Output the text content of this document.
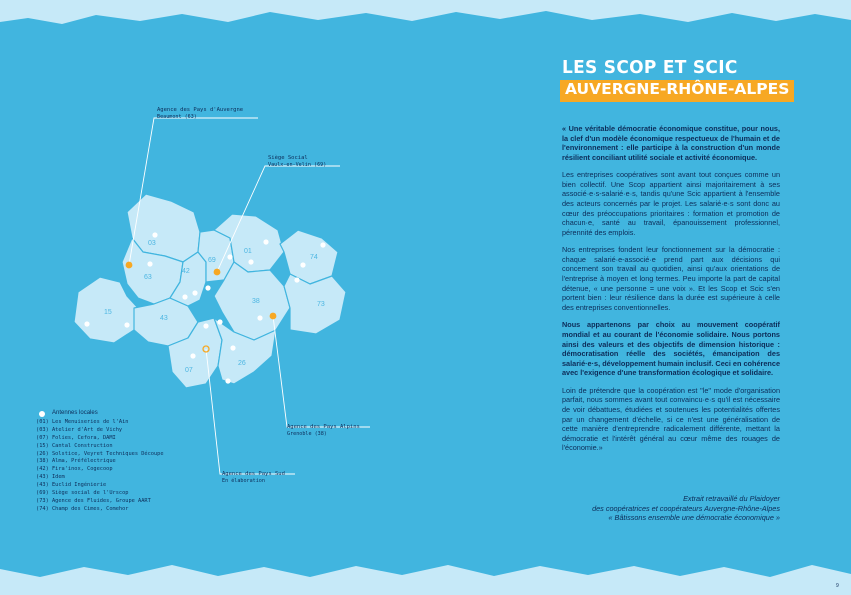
03
63
42
69
01
74
15
43
38	73
07
26
Agence des Pays d'Auvergne
Beaumont (63)
Siège Social
Vaulx-en-Velin (69)
Agence des Pays Alpins
Grenoble (38)
Agence des Pays Sud
En élaboration
Antennes locales
(01) Les Menuiseries de l'Ain
(03) Atelier d'Art de Vichy
(07) Folies, Cefora, DAMI
(15) Cantal Construction
(26) Solstice, Veyret Techniques Découpe
(38) Alma, Préfélectrique
(42) Fira'inox, Cogecoop
(43) Idem
(43) Euclid Ingénierie
(69) Siège social de l'Urscop
(73) Agence des Fluides, Groupe AART
(74) Champ des Cimes, Comehor
LES SCOP ET SCIC
AUVERGNE-RHÔNE-ALPES

« Une véritable démocratie économique constitue, pour nous, la clef d'un modèle économique respectueux de l'humain et de l'environnement : elle participe à la construction d'un monde résilient conciliant utilité sociale et activité économique.

Les entreprises coopératives sont avant tout conçues comme un bien collectif. Une Scop appartient ainsi majoritairement à ses associé·e·s-salarié·e·s, tandis qu'une Scic appartient à l'ensemble des acteurs concernés par le projet. Les salarié·e·s sont donc au cœur des préoccupations prioritaires : formation et promotion de chacun·e, santé au travail, épanouissement professionnel, pérennité des emplois.

Nos entreprises fondent leur fonctionnement sur la démocratie : chaque salarié·e-associé·e prend part aux décisions qui concernent son travail au quotidien, ainsi qu'aux orientations de l'entreprise à moyen et long termes. Peu importe la part de capital détenue, « une personne = une voix ». Et les Scop et Scic s'en portent bien : leur résilience dans la durée est supérieure à celle des entreprises conventionnelles.

Nous appartenons par choix au mouvement coopératif mondial et au courant de l'économie solidaire. Nous portons ainsi des valeurs et des objectifs de dimension historique : démocratisation réelle des sociétés, émancipation des salarié·e·s, développement humain inclusif. Ceci en cohérence avec l'exigence d'une transformation écologique et solidaire.

Loin de prétendre que la coopération est "le" mode d'organisation parfait, nous sommes avant tout convaincu·e·s qu'il est nécessaire de voir débattues, étudiées et soutenues les potentialités offertes par un changement d'échelle, si ce n'est une généralisation de cette manière d'entreprendre radicalement différente, mettant la démocratie et l'intérêt général au cœur même des rouages de l'économie.»

Extrait retravaillé du Plaidoyer
des coopératrices et coopérateurs Auvergne-Rhône-Alpes
« Bâtissons ensemble une démocratie économique »
9
